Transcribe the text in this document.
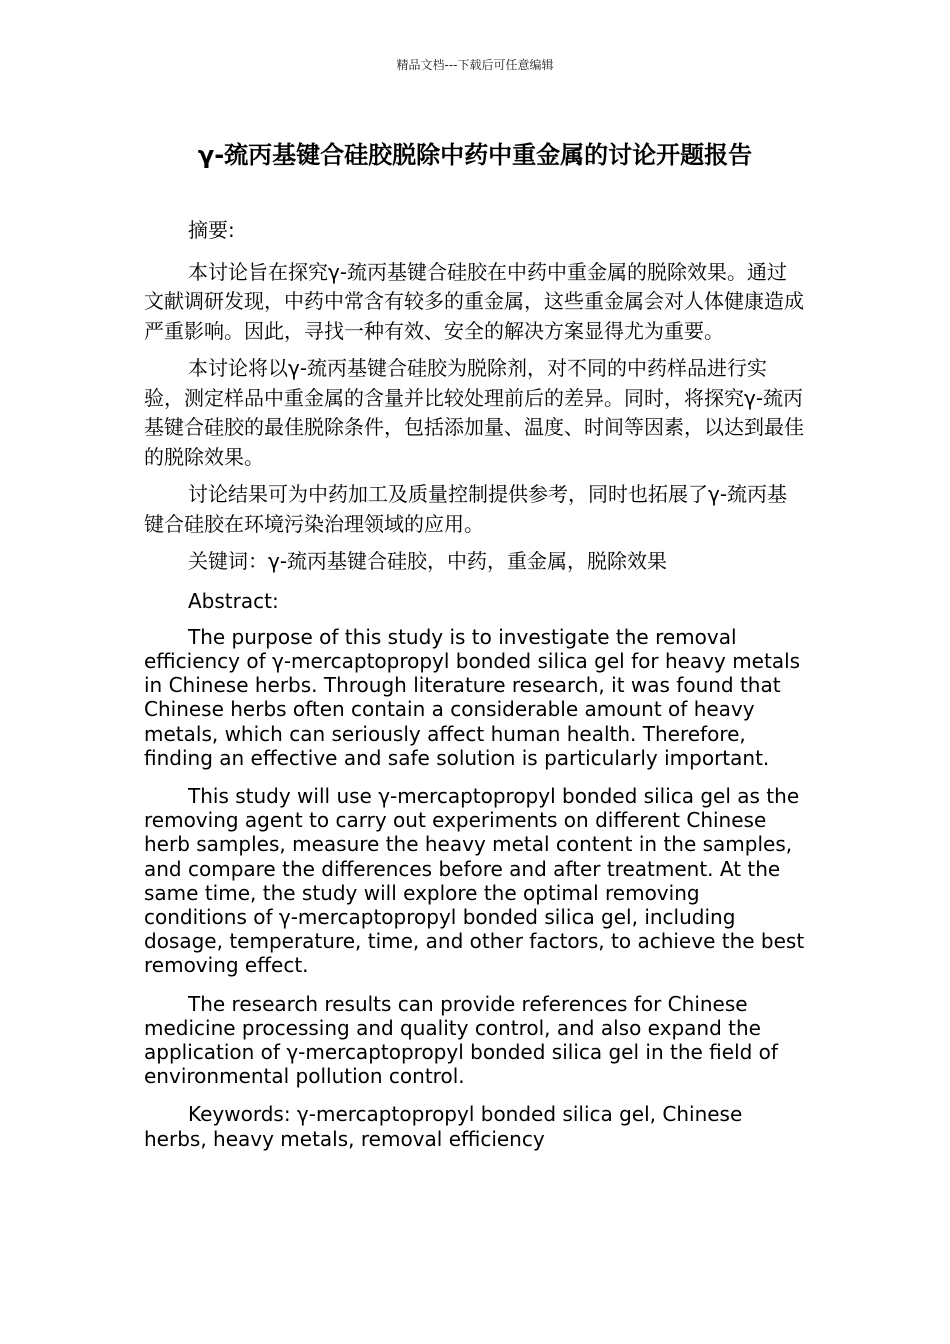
精品文档---下载后可任意编辑
γ-巯丙基键合硅胶脱除中药中重金属的讨论开题报告

摘要:

本讨论旨在探究γ-巯丙基键合硅胶在中药中重金属的脱除效果。通过文献调研发现，中药中常含有较多的重金属，这些重金属会对人体健康造成严重影响。因此，寻找一种有效、安全的解决方案显得尤为重要。

本讨论将以γ-巯丙基键合硅胶为脱除剂，对不同的中药样品进行实验，测定样品中重金属的含量并比较处理前后的差异。同时，将探究γ-巯丙基键合硅胶的最佳脱除条件，包括添加量、温度、时间等因素，以达到最佳的脱除效果。

讨论结果可为中药加工及质量控制提供参考，同时也拓展了γ-巯丙基键合硅胶在环境污染治理领域的应用。

关键词：γ-巯丙基键合硅胶，中药，重金属，脱除效果

Abstract:

The purpose of this study is to investigate the removal efficiency of γ-mercaptopropyl bonded silica gel for heavy metals in Chinese herbs. Through literature research, it was found that Chinese herbs often contain a considerable amount of heavy metals, which can seriously affect human health. Therefore, finding an effective and safe solution is particularly important.

This study will use γ-mercaptopropyl bonded silica gel as the removing agent to carry out experiments on different Chinese herb samples, measure the heavy metal content in the samples, and compare the differences before and after treatment. At the same time, the study will explore the optimal removing conditions of γ-mercaptopropyl bonded silica gel, including dosage, temperature, time, and other factors, to achieve the best removing effect.

The research results can provide references for Chinese medicine processing and quality control, and also expand the application of γ-mercaptopropyl bonded silica gel in the field of environmental pollution control.

Keywords: γ-mercaptopropyl bonded silica gel, Chinese herbs, heavy metals, removal efficiency
